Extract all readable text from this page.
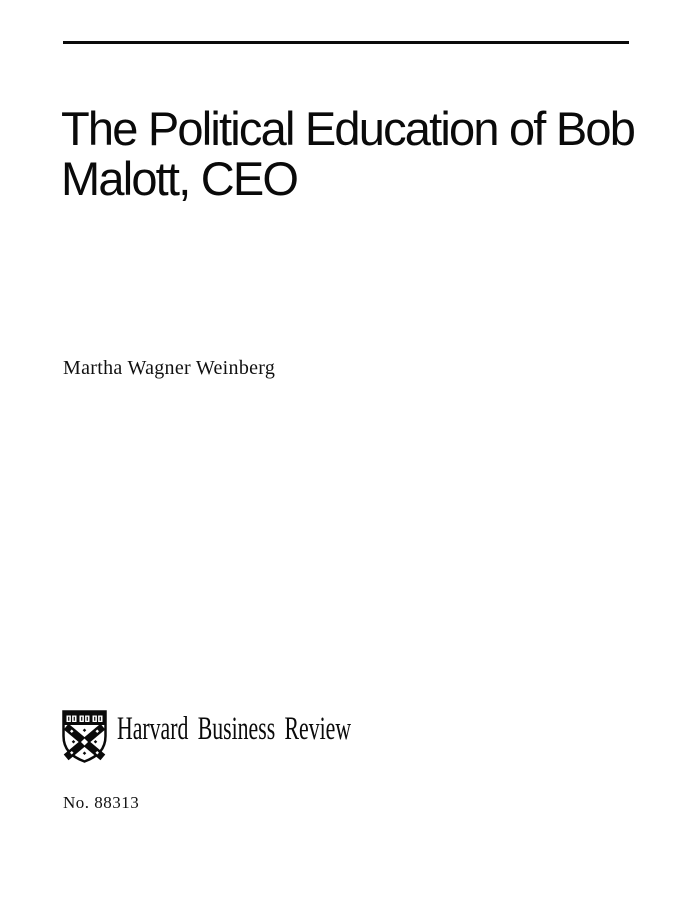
The Political Education of Bob
Malott, CEO

Martha Wagner Weinberg

Harvard Business Review

No. 88313
